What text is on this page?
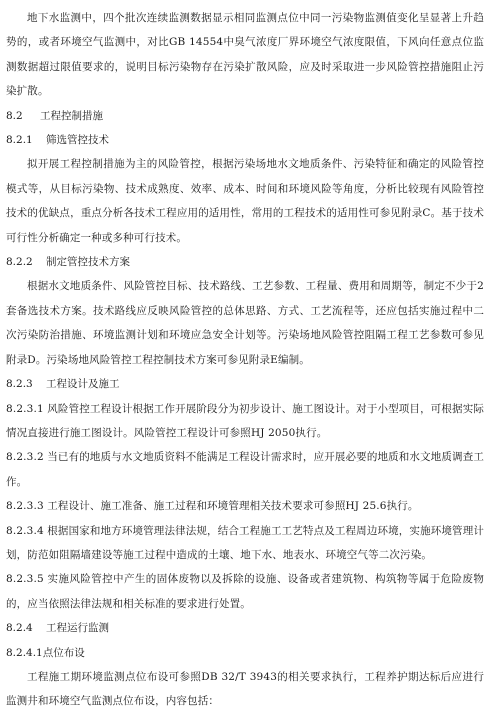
地下水监测中，四个批次连续监测数据显示相同监测点位中同一污染物监测值变化呈显著上升趋势的，或者环境空气监测中，对比GB 14554中臭气浓度厂界环境空气浓度限值，下风向任意点位监测数据超过限值要求的，说明目标污染物存在污染扩散风险，应及时采取进一步风险管控措施阻止污染扩散。

8.2 工程控制措施

8.2.1 筛选管控技术

拟开展工程控制措施为主的风险管控，根据污染场地水文地质条件、污染特征和确定的风险管控模式等，从目标污染物、技术成熟度、效率、成本、时间和环境风险等角度，分析比较现有风险管控技术的优缺点，重点分析各技术工程应用的适用性，常用的工程技术的适用性可参见附录C。基于技术可行性分析确定一种或多种可行技术。

8.2.2 制定管控技术方案

根据水文地质条件、风险管控目标、技术路线、工艺参数、工程量、费用和周期等，制定不少于2套备选技术方案。技术路线应反映风险管控的总体思路、方式、工艺流程等，还应包括实施过程中二次污染防治措施、环境监测计划和环境应急安全计划等。污染场地风险管控阻隔工程工艺参数可参见附录D。污染场地风险管控工程控制技术方案可参见附录E编制。

8.2.3 工程设计及施工

8.2.3.1 风险管控工程设计根据工作开展阶段分为初步设计、施工图设计。对于小型项目，可根据实际情况直接进行施工图设计。风险管控工程设计可参照HJ 2050执行。

8.2.3.2 当已有的地质与水文地质资料不能满足工程设计需求时，应开展必要的地质和水文地质调查工作。

8.2.3.3 工程设计、施工准备、施工过程和环境管理相关技术要求可参照HJ 25.6执行。

8.2.3.4 根据国家和地方环境管理法律法规，结合工程施工工艺特点及工程周边环境，实施环境管理计划，防范如阻隔墙建设等施工过程中造成的土壤、地下水、地表水、环境空气等二次污染。

8.2.3.5 实施风险管控中产生的固体废物以及拆除的设施、设备或者建筑物、构筑物等属于危险废物的，应当依照法律法规和相关标准的要求进行处置。

8.2.4 工程运行监测

8.2.4.1点位布设

工程施工期环境监测点位布设可参照DB 32/T 3943的相关要求执行，工程养护期达标后应进行监测井和环境空气监测点位布设，内容包括：
